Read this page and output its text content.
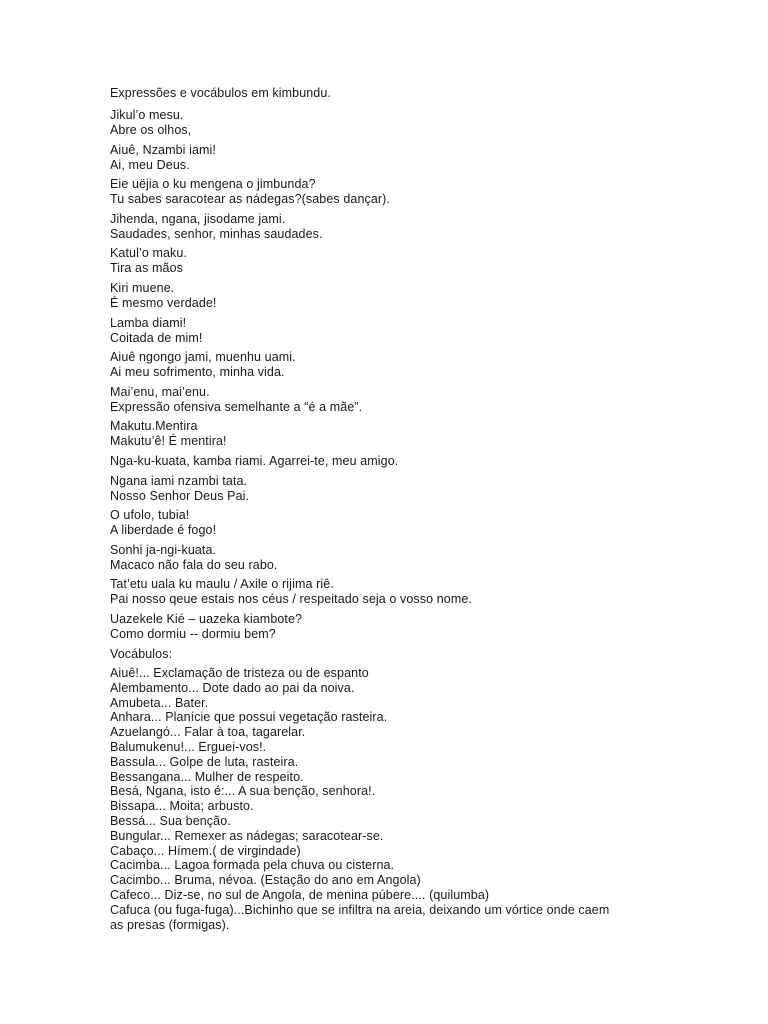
Expressões e vocábulos em kimbundu.
Jikul’o mesu.
Abre os olhos,
Aiuê, Nzambi iami!
Ai, meu Deus.
Eie uëjia o ku mengena o jimbunda?
Tu sabes saracotear as nádegas?(sabes dançar).
Jihenda, ngana, jisodame jami.
Saudades, senhor, minhas saudades.
Katul’o maku.
Tira as mãos
Kiri muene.
É mesmo verdade!
Lamba diami!
Coitada de mim!
Aiuê ngongo jami, muenhu uami.
Ai meu sofrimento, minha vida.
Mai’enu, mai’enu.
Expressão ofensiva semelhante a “é a mãe”.
Makutu.Mentira
Makutu’ê! É mentira!
Nga-ku-kuata, kamba riami. Agarrei-te, meu amigo.
Ngana iami nzambi tata.
Nosso Senhor Deus Pai.
O ufolo, tubia!
A liberdade é fogo!
Sonhi ja-ngi-kuata.
Macaco não fala do seu rabo.
Tat’etu uala ku maulu / Axile o rijima riê.
Pai nosso qeue estais nos céus / respeitado seja o vosso nome.
Uazekele Kié – uazeka kiambote?
Como dormiu -- dormiu bem?
Vocábulos:
Aiuê!... Exclamação de tristeza ou de espanto
Alembamento... Dote dado ao pai da noiva.
Amubeta... Bater.
Anhara... Planície que possui vegetação rasteira.
Azuelangó... Falar à toa, tagarelar.
Balumukenu!... Erguei-vos!.
Bassula... Golpe de luta, rasteira.
Bessangana... Mulher de respeito.
Besá, Ngana, isto é:... A sua benção, senhora!.
Bissapa... Moita; arbusto.
Bessá... Sua benção.
Bungular... Remexer as nádegas; saracotear-se.
Cabaço... Hímem.( de virgindade)
Cacimba... Lagoa formada pela chuva ou cisterna.
Cacimbo... Bruma, névoa. (Estação do ano em Angola)
Cafeco... Diz-se, no sul de Angola, de menina púbere.... (quilumba)
Cafuca (ou fuga-fuga)...Bichinho que se infiltra na areia, deixando um vórtice onde caem
as presas (formigas).
